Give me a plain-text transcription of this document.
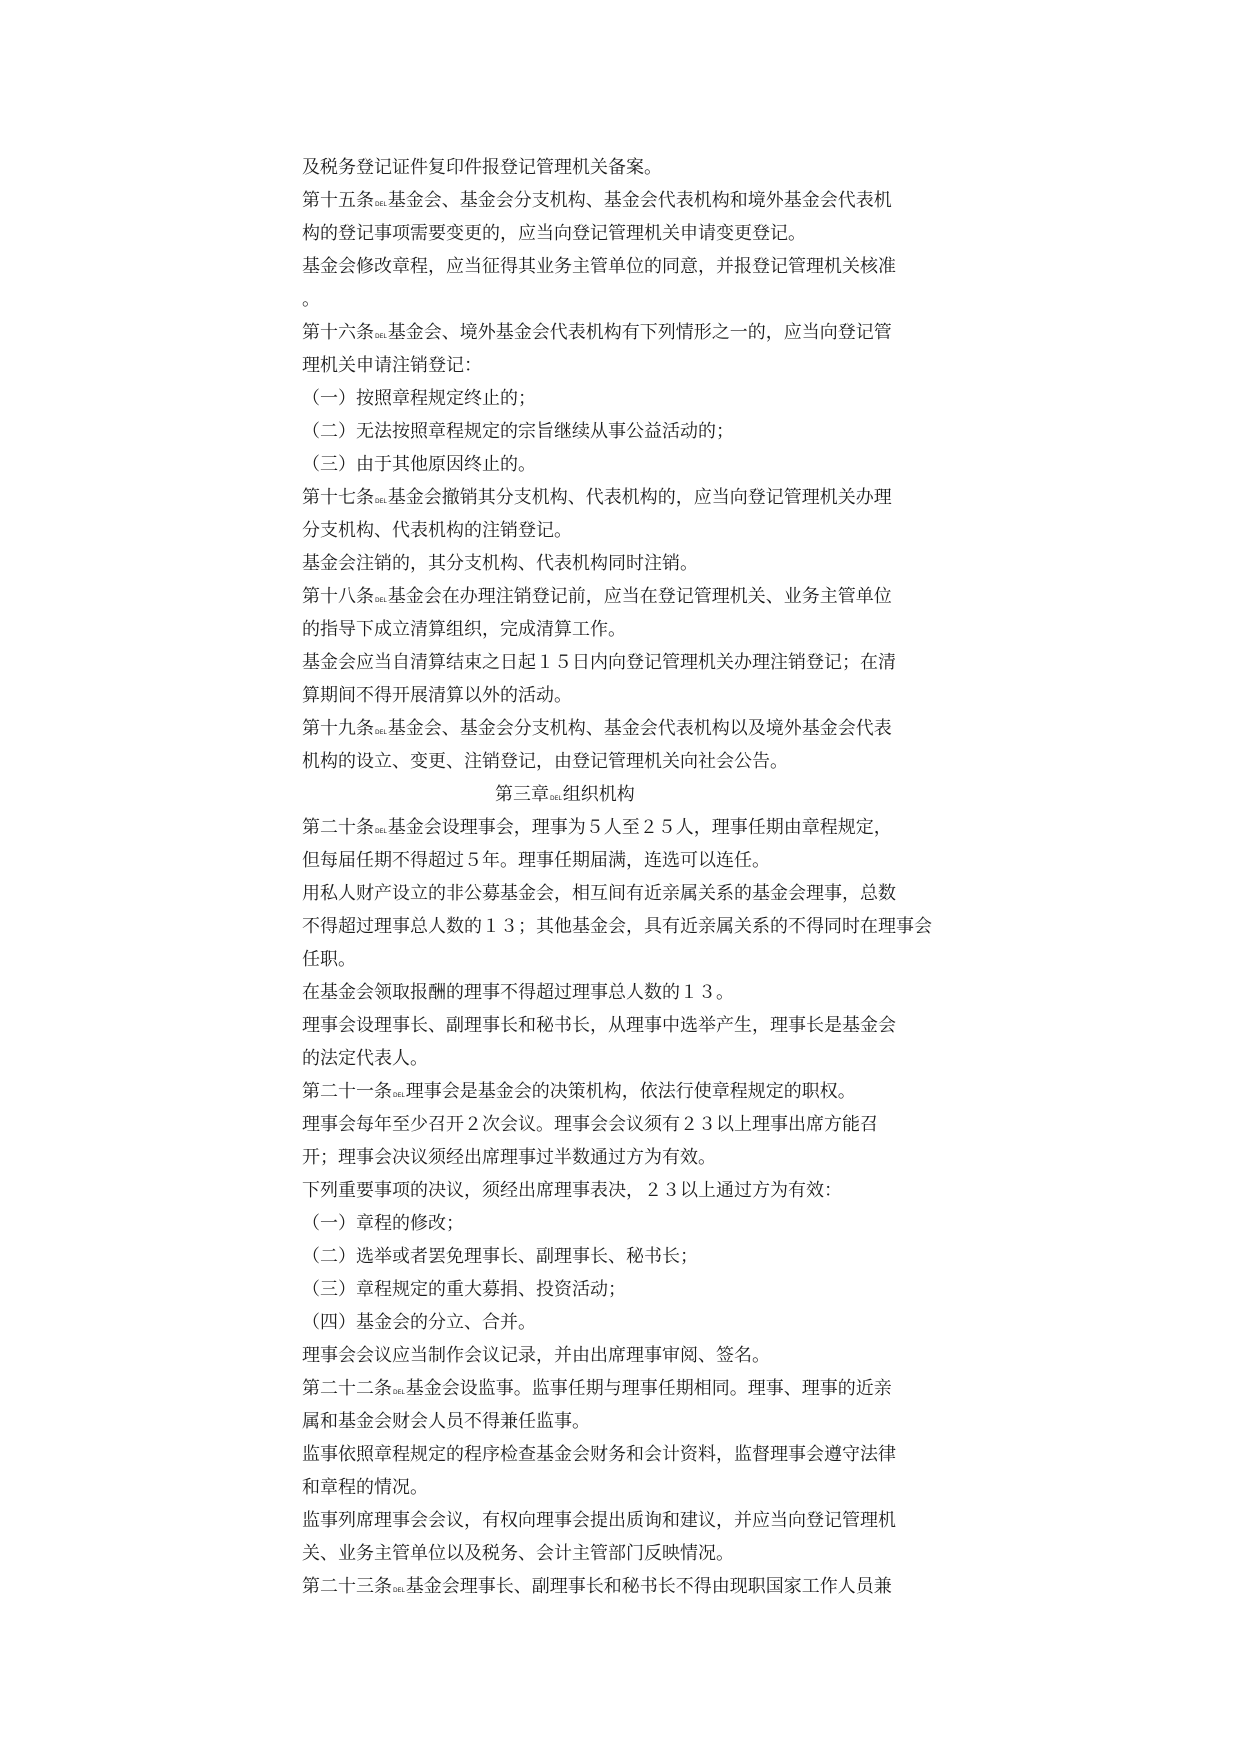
及税务登记证件复印件报登记管理机关备案。
第十五条DEL基金会、基金会分支机构、基金会代表机构和境外基金会代表机
构的登记事项需要变更的，应当向登记管理机关申请变更登记。
基金会修改章程，应当征得其业务主管单位的同意，并报登记管理机关核准
。
第十六条DEL基金会、境外基金会代表机构有下列情形之一的，应当向登记管
理机关申请注销登记：
（一）按照章程规定终止的；
（二）无法按照章程规定的宗旨继续从事公益活动的；
（三）由于其他原因终止的。
第十七条DEL基金会撤销其分支机构、代表机构的，应当向登记管理机关办理
分支机构、代表机构的注销登记。
基金会注销的，其分支机构、代表机构同时注销。
第十八条DEL基金会在办理注销登记前，应当在登记管理机关、业务主管单位
的指导下成立清算组织，完成清算工作。
基金会应当自清算结束之日起１５日内向登记管理机关办理注销登记；在清
算期间不得开展清算以外的活动。
第十九条DEL基金会、基金会分支机构、基金会代表机构以及境外基金会代表
机构的设立、变更、注销登记，由登记管理机关向社会公告。
第三章DEL组织机构
第二十条DEL基金会设理事会，理事为５人至２５人，理事任期由章程规定，
但每届任期不得超过５年。理事任期届满，连选可以连任。
用私人财产设立的非公募基金会，相互间有近亲属关系的基金会理事，总数
不得超过理事总人数的１３；其他基金会，具有近亲属关系的不得同时在理事会
任职。
在基金会领取报酬的理事不得超过理事总人数的１３。
理事会设理事长、副理事长和秘书长，从理事中选举产生，理事长是基金会
的法定代表人。
第二十一条DEL理事会是基金会的决策机构，依法行使章程规定的职权。
理事会每年至少召开２次会议。理事会会议须有２３以上理事出席方能召
开；理事会决议须经出席理事过半数通过方为有效。
下列重要事项的决议，须经出席理事表决，２３以上通过方为有效：
（一）章程的修改；
（二）选举或者罢免理事长、副理事长、秘书长；
（三）章程规定的重大募捐、投资活动；
（四）基金会的分立、合并。
理事会会议应当制作会议记录，并由出席理事审阅、签名。
第二十二条DEL基金会设监事。监事任期与理事任期相同。理事、理事的近亲
属和基金会财会人员不得兼任监事。
监事依照章程规定的程序检查基金会财务和会计资料，监督理事会遵守法律
和章程的情况。
监事列席理事会会议，有权向理事会提出质询和建议，并应当向登记管理机
关、业务主管单位以及税务、会计主管部门反映情况。
第二十三条DEL基金会理事长、副理事长和秘书长不得由现职国家工作人员兼
